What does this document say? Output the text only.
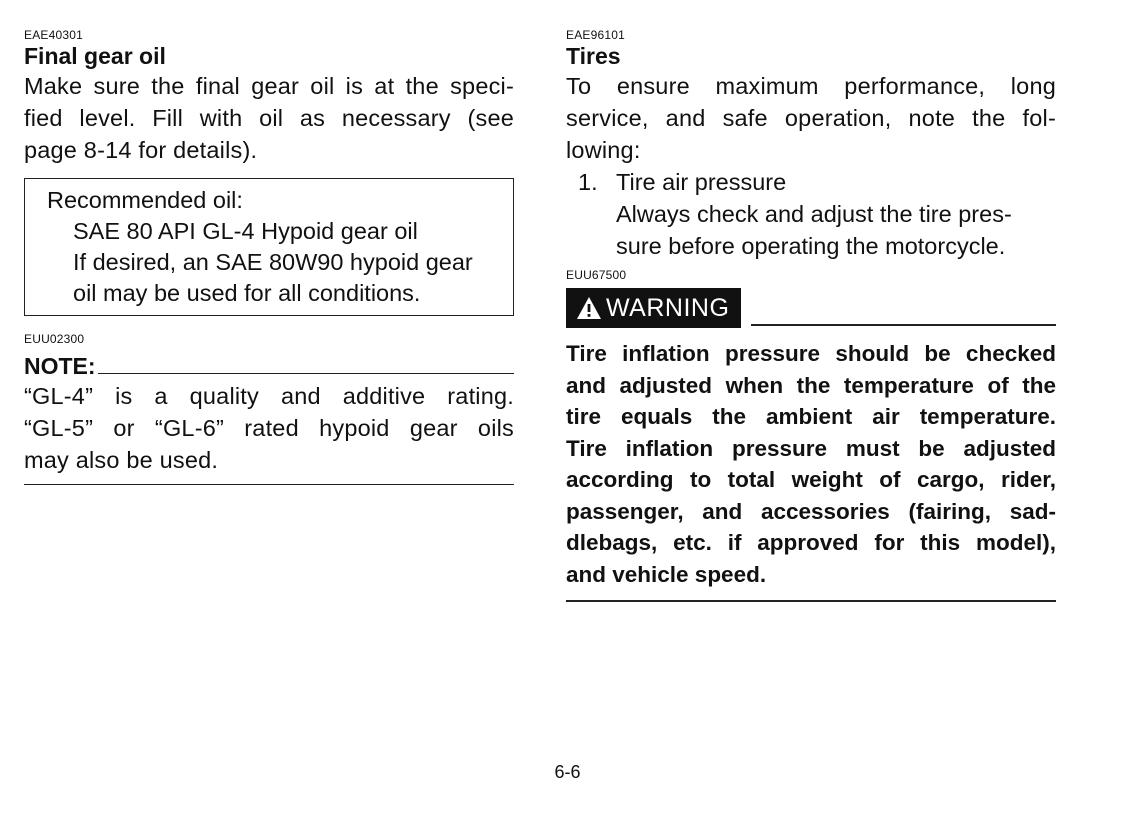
EAE40301

Final gear oil
Make sure the final gear oil is at the speci-
fied level. Fill with oil as necessary (see
page 8-14 for details).

Recommended oil:

SAE 80 API GL-4 Hypoid gear oil
If desired, an SAE 80W90 hypoid gear
oil may be used for all conditions.

EUU02300

NOTE:
“GL-4” is a quality and additive rating.
“GL-5” or “GL-6” rated hypoid gear oils
may also be used.

EAE96101

Tires
To ensure maximum performance, long
service, and safe operation, note the fol-
lowing:
1. Tire air pressure
Always check and adjust the tire pres-
sure before operating the motorcycle.

EUU67500

WARNING
Tire inflation pressure should be checked
and adjusted when the temperature of the
tire equals the ambient air temperature.
Tire inflation pressure must be adjusted
according to total weight of cargo, rider,
passenger, and accessories (fairing, sad-
dlebags, etc. if approved for this model),
and vehicle speed.
6-6
